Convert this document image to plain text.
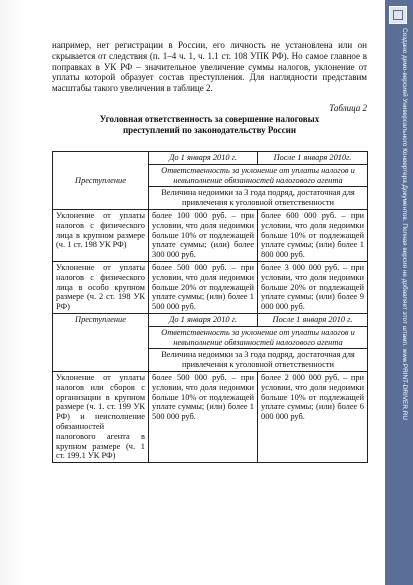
например, нет регистрации в России, его личность не установлена или он скрывается от следствия (п. 1–4 ч. 1, ч. 1.1 ст. 108 УПК РФ). Но самое главное в поправках в УК РФ – значительное увеличение суммы налогов, уклонение от уплаты которой образует состав преступления. Для наглядности представим масштабы такого увеличения в таблице 2.
Таблица 2
Уголовная ответственность за совершение налоговых
преступлений по законодательству России
Преступление	До 1 января 2010 г.	После 1 января 2010г.
	Ответственность за уклонение от уплаты налогов и невыполнение обязанностей налогового агента	
	Величина недоимки за 3 года подряд, достаточная для привлечения к уголовной ответственности	
Уклонение от уплаты налогов с физического лица в крупном размере (ч. 1 ст. 198 УК РФ)	более 100 000 руб. – при условии, что доля недоимки больше 10% от подлежащей уплате суммы; (или) более 300 000 руб.	более 600 000 руб. – при условии, что доля недоимки больше 10% от подлежащей уплате суммы; (или) более 1 800 000 руб.
Уклонение от уплаты налогов с физического лица в особо крупном размере (ч. 2 ст. 198 УК РФ)	более 500 000 руб. – при условии, что доля недоимки больше 20% от подлежащей уплате суммы; (или) более 1 500 000 руб.	более 3 000 000 руб. – при условии, что доля недоимки больше 20% от подлежащей уплате суммы; (или) более 9 000 000 руб.
Преступление	До 1 января 2010 г.	После 1 января 2010 г.
	Ответственность за уклонение от уплаты налогов и невыполнение обязанностей налогового агента	
	Величина недоимки за 3 года подряд, достаточная для привлечения к уголовной ответственности	
Уклонение от уплаты налогов или сборов с организации в крупном размере (ч. 1. ст. 199 УК РФ) и неисполнение обязанностей налогового агента в крупном размере (ч. 1 ст. 199.1 УК РФ)	более 500 000 руб. – при условии, что доля недоимки больше 10% от подлежащей уплате суммы; (или) более 1 500 000 руб.	более 2 000 000 руб. – при условии, что доля недоимки больше 10% от подлежащей уплате суммы; (или) более 6 000 000 руб.	Создано демо-версией Универсального Конвертера Документов. Полная версия не добавляет этот штамп. www.PRINT-DRIVER.RU
